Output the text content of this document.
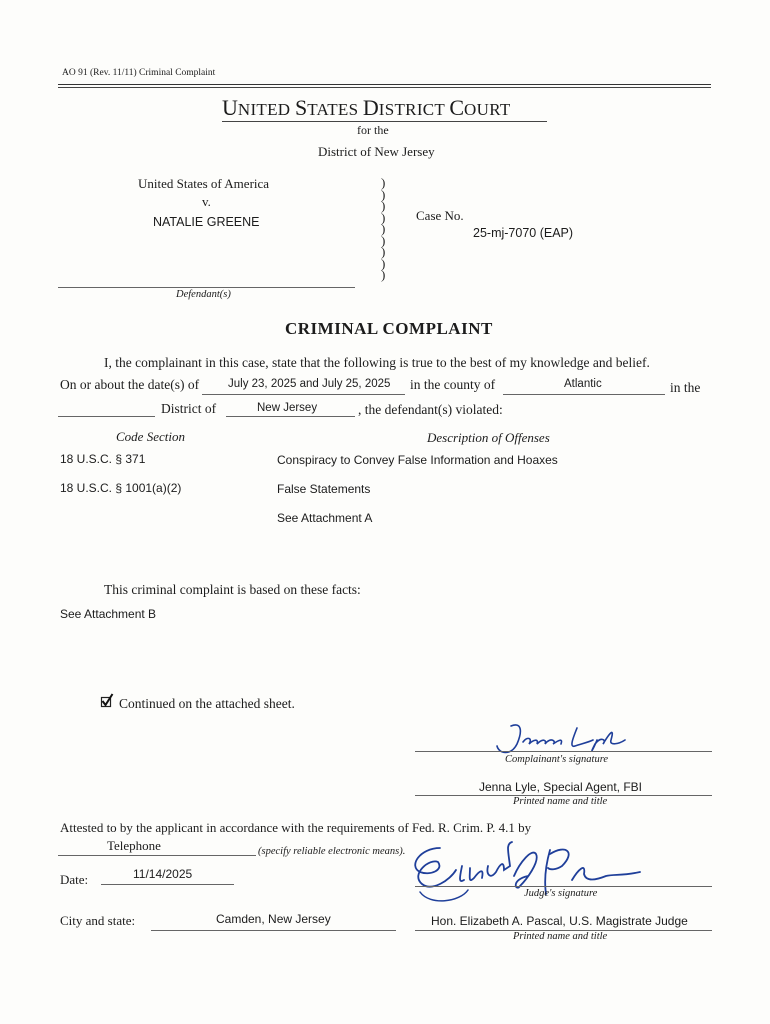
AO 91 (Rev. 11/11) Criminal Complaint
UNITED STATES DISTRICT COURT
for the
District of New Jersey
United States of America
v.
NATALIE GREENE
Defendant(s)
)
)
)
)
)
)
)
)
)
Case No.
25-mj-7070 (EAP)
CRIMINAL COMPLAINT
I, the complainant in this case, state that the following is true to the best of my knowledge and belief.
On or about the date(s) of	July 23, 2025 and July 25, 2025 in the county of	Atlantic	in the
District of	New Jersey	, the defendant(s) violated:
Code Section	Description of Offenses
18 U.S.C. § 371	Conspiracy to Convey False Information and Hoaxes
18 U.S.C. § 1001(a)(2)	False Statements
See Attachment A
This criminal complaint is based on these facts:
See Attachment B
Continued on the attached sheet.
Complainant's signature
Jenna Lyle, Special Agent, FBI
Printed name and title
Attested to by the applicant in accordance with the requirements of Fed. R. Crim. P. 4.1 by
Telephone	(specify reliable electronic means).
Date:	11/14/2025
Judge's signature
City and state:	Camden, New Jersey	Hon. Elizabeth A. Pascal, U.S. Magistrate Judge
Printed name and title
